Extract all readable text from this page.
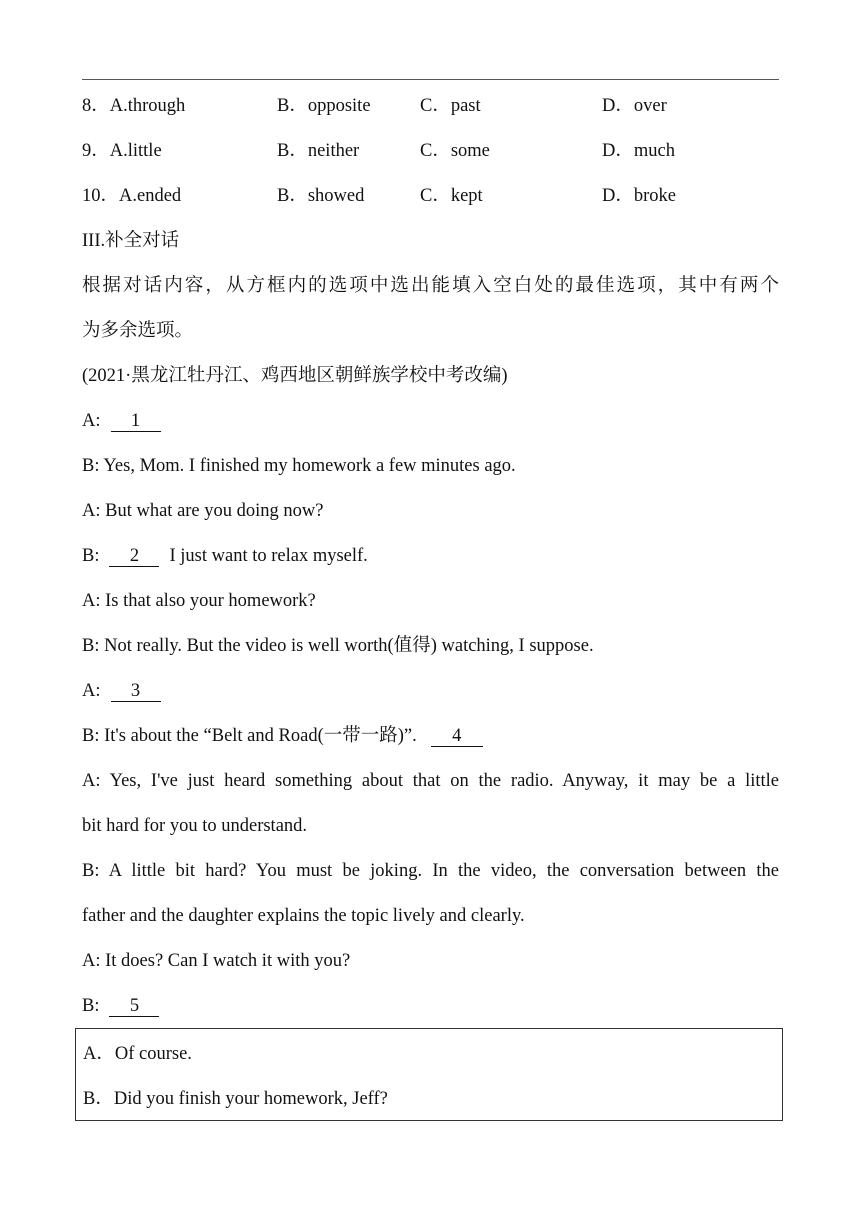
8．A.through	B．opposite	C．past	D．over
9．A.little	B．neither	C．some	D．much
10．A.ended	B．showed	C．kept	D．broke
III.补全对话
根据对话内容，从方框内的选项中选出能填入空白处的最佳选项，其中有两个
为多余选项。
(2021·黑龙江牡丹江、鸡西地区朝鲜族学校中考改编)
A: 1
B: Yes, Mom. I finished my homework a few minutes ago.
A: But what are you doing now?
B: 2 I just want to relax myself.
A: Is that also your homework?
B: Not really. But the video is well worth(值得) watching, I suppose.
A: 3
B: It's about the “Belt and Road(一带一路)”. 4
A: Yes, I've just heard something about that on the radio. Anyway, it may be a little
bit hard for you to understand.
B: A little bit hard? You must be joking. In the video, the conversation between the
father and the daughter explains the topic lively and clearly.
A: It does? Can I watch it with you?
B: 5
A．Of course.
B．Did you finish your homework, Jeff?
